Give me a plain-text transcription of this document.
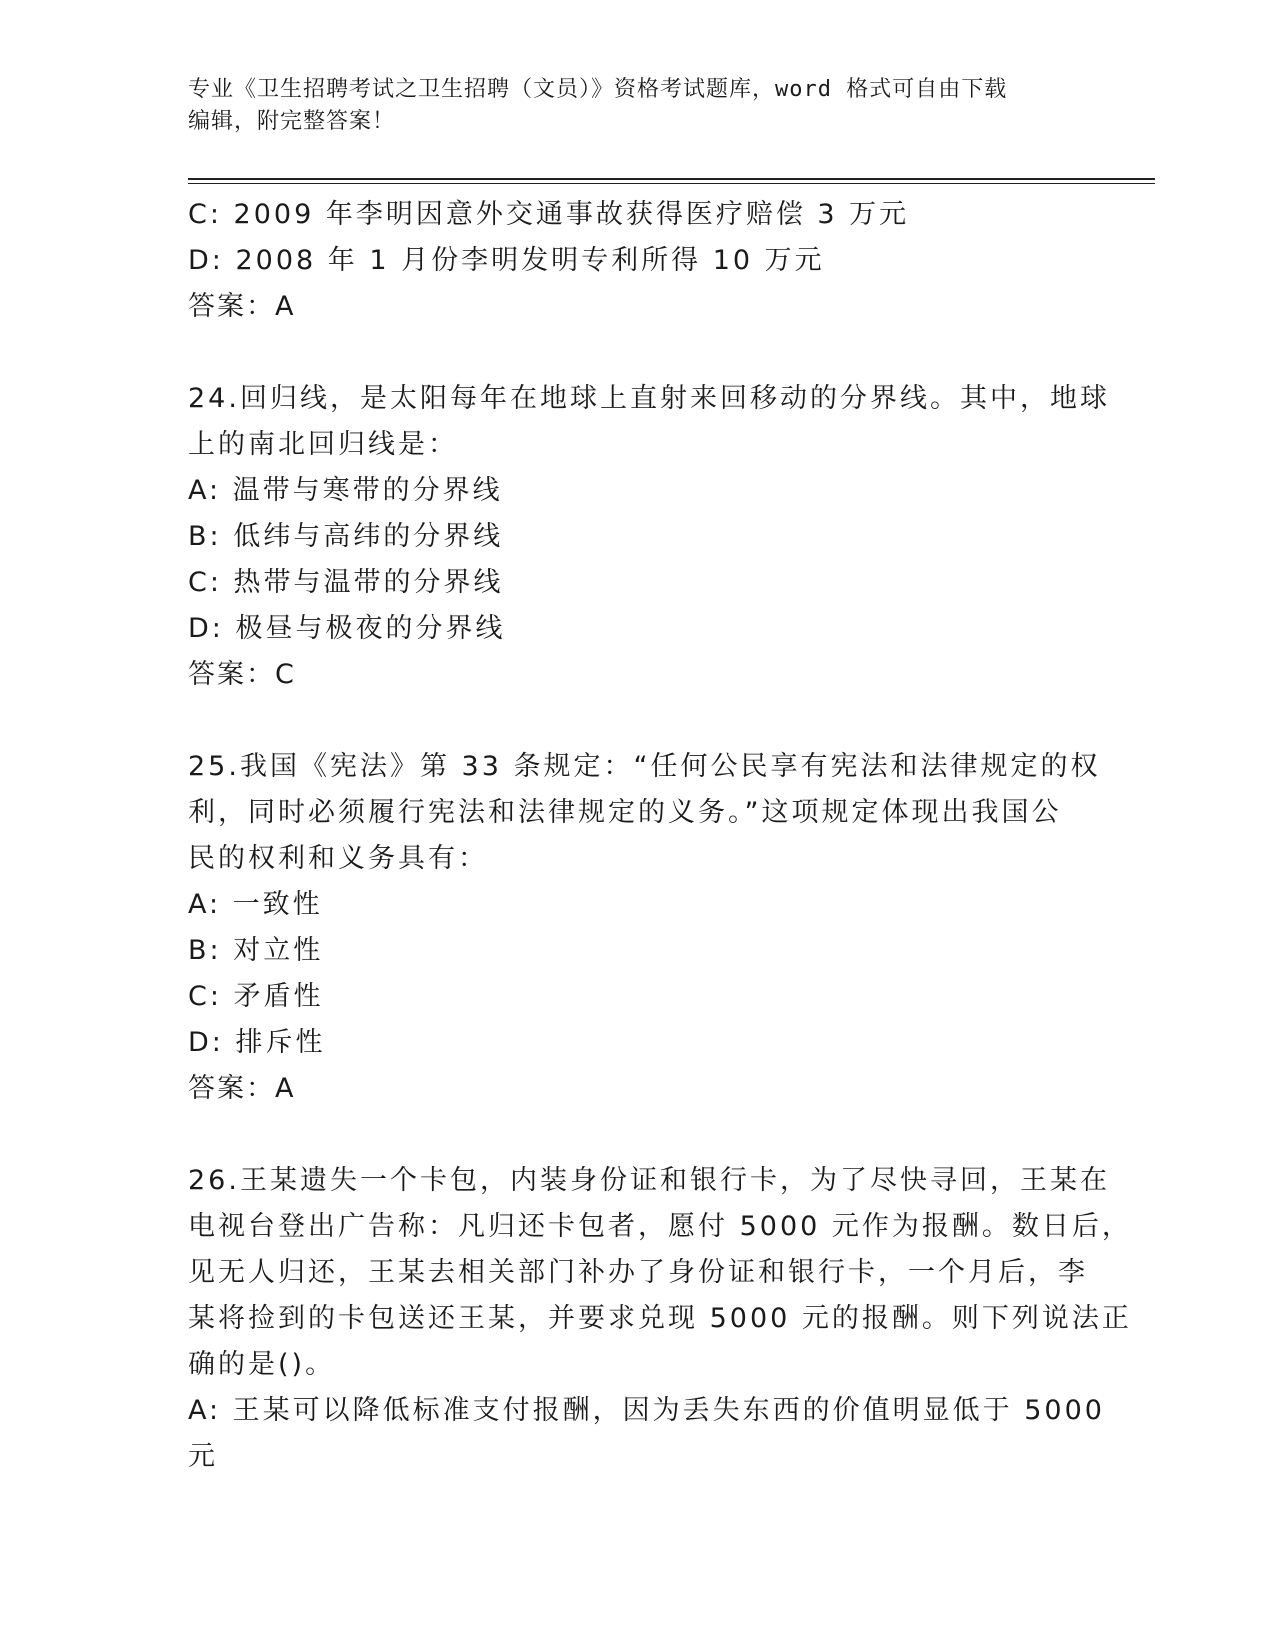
专业《卫生招聘考试之卫生招聘（文员）》资格考试题库，word 格式可自由下载
编辑，附完整答案！
C: 2009 年李明因意外交通事故获得医疗赔偿 3 万元
D: 2008 年 1 月份李明发明专利所得 10 万元
答案：A
24.回归线，是太阳每年在地球上直射来回移动的分界线。其中，地球
上的南北回归线是：
A: 温带与寒带的分界线
B: 低纬与高纬的分界线
C: 热带与温带的分界线
D: 极昼与极夜的分界线
答案：C
25.我国《宪法》第 33 条规定：“任何公民享有宪法和法律规定的权
利，同时必须履行宪法和法律规定的义务。”这项规定体现出我国公
民的权利和义务具有：
A: 一致性
B: 对立性
C: 矛盾性
D: 排斥性
答案：A
26.王某遗失一个卡包，内装身份证和银行卡，为了尽快寻回，王某在
电视台登出广告称：凡归还卡包者，愿付 5000 元作为报酬。数日后，
见无人归还，王某去相关部门补办了身份证和银行卡，一个月后，李
某将捡到的卡包送还王某，并要求兑现 5000 元的报酬。则下列说法正
确的是()。
A: 王某可以降低标准支付报酬，因为丢失东西的价值明显低于 5000
元
